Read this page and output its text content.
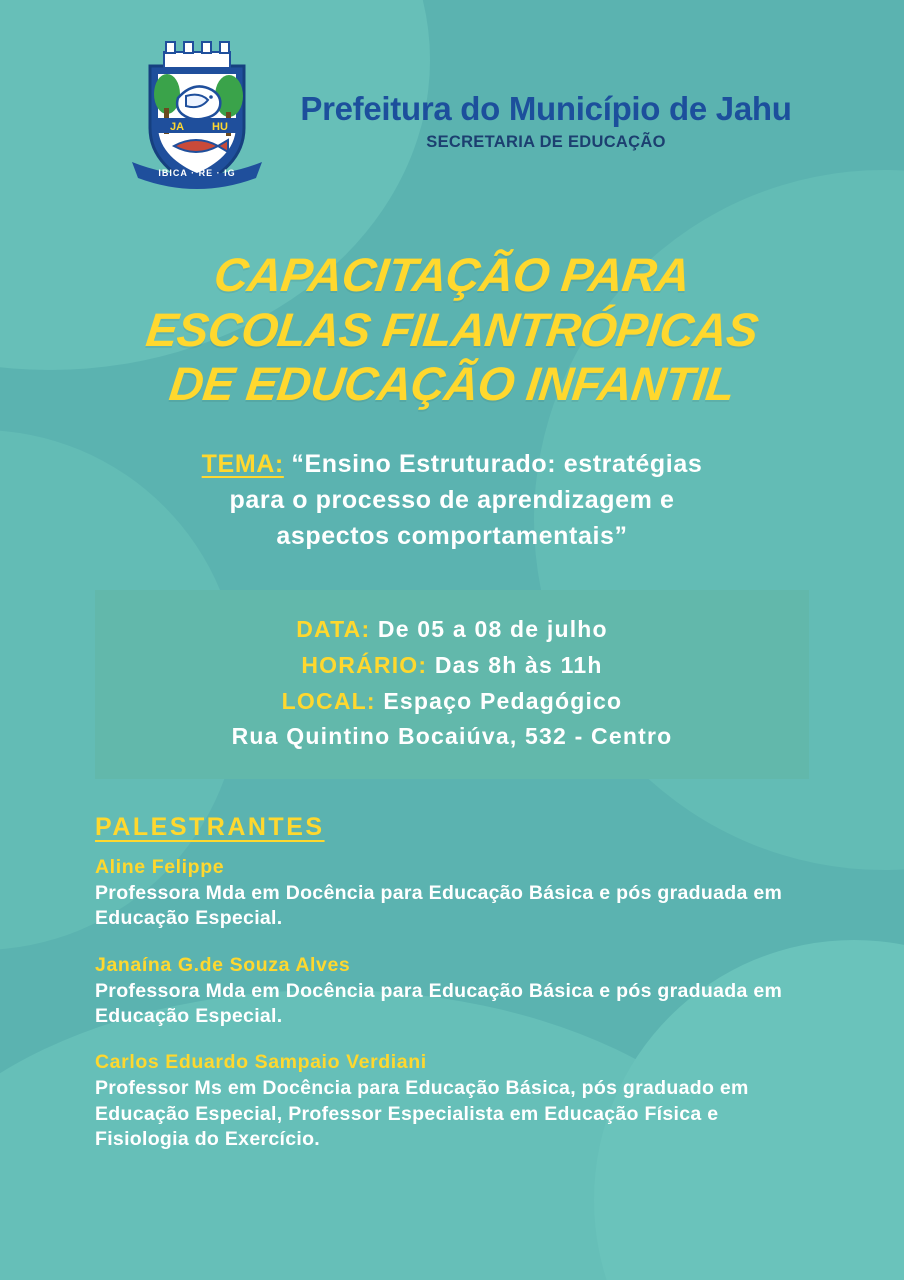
JA	HU
IBICA · RE · IG
Prefeitura do Município de Jahu
SECRETARIA DE EDUCAÇÃO
CAPACITAÇÃO PARA
ESCOLAS FILANTRÓPICAS
DE EDUCAÇÃO INFANTIL
TEMA: “Ensino Estruturado: estratégias
para o processo de aprendizagem e
aspectos comportamentais”
DATA: De 05 a 08 de julho
HORÁRIO: Das 8h às 11h
LOCAL: Espaço Pedagógico
Rua Quintino Bocaiúva, 532 - Centro
PALESTRANTES
Aline Felippe
Professora Mda em Docência para Educação Básica e pós graduada em Educação Especial.
Janaína G.de Souza Alves
Professora Mda em Docência para Educação Básica e pós graduada em Educação Especial.
Carlos Eduardo Sampaio Verdiani
Professor Ms em Docência para Educação Básica, pós graduado em Educação Especial, Professor Especialista em Educação Física e Fisiologia do Exercício.
